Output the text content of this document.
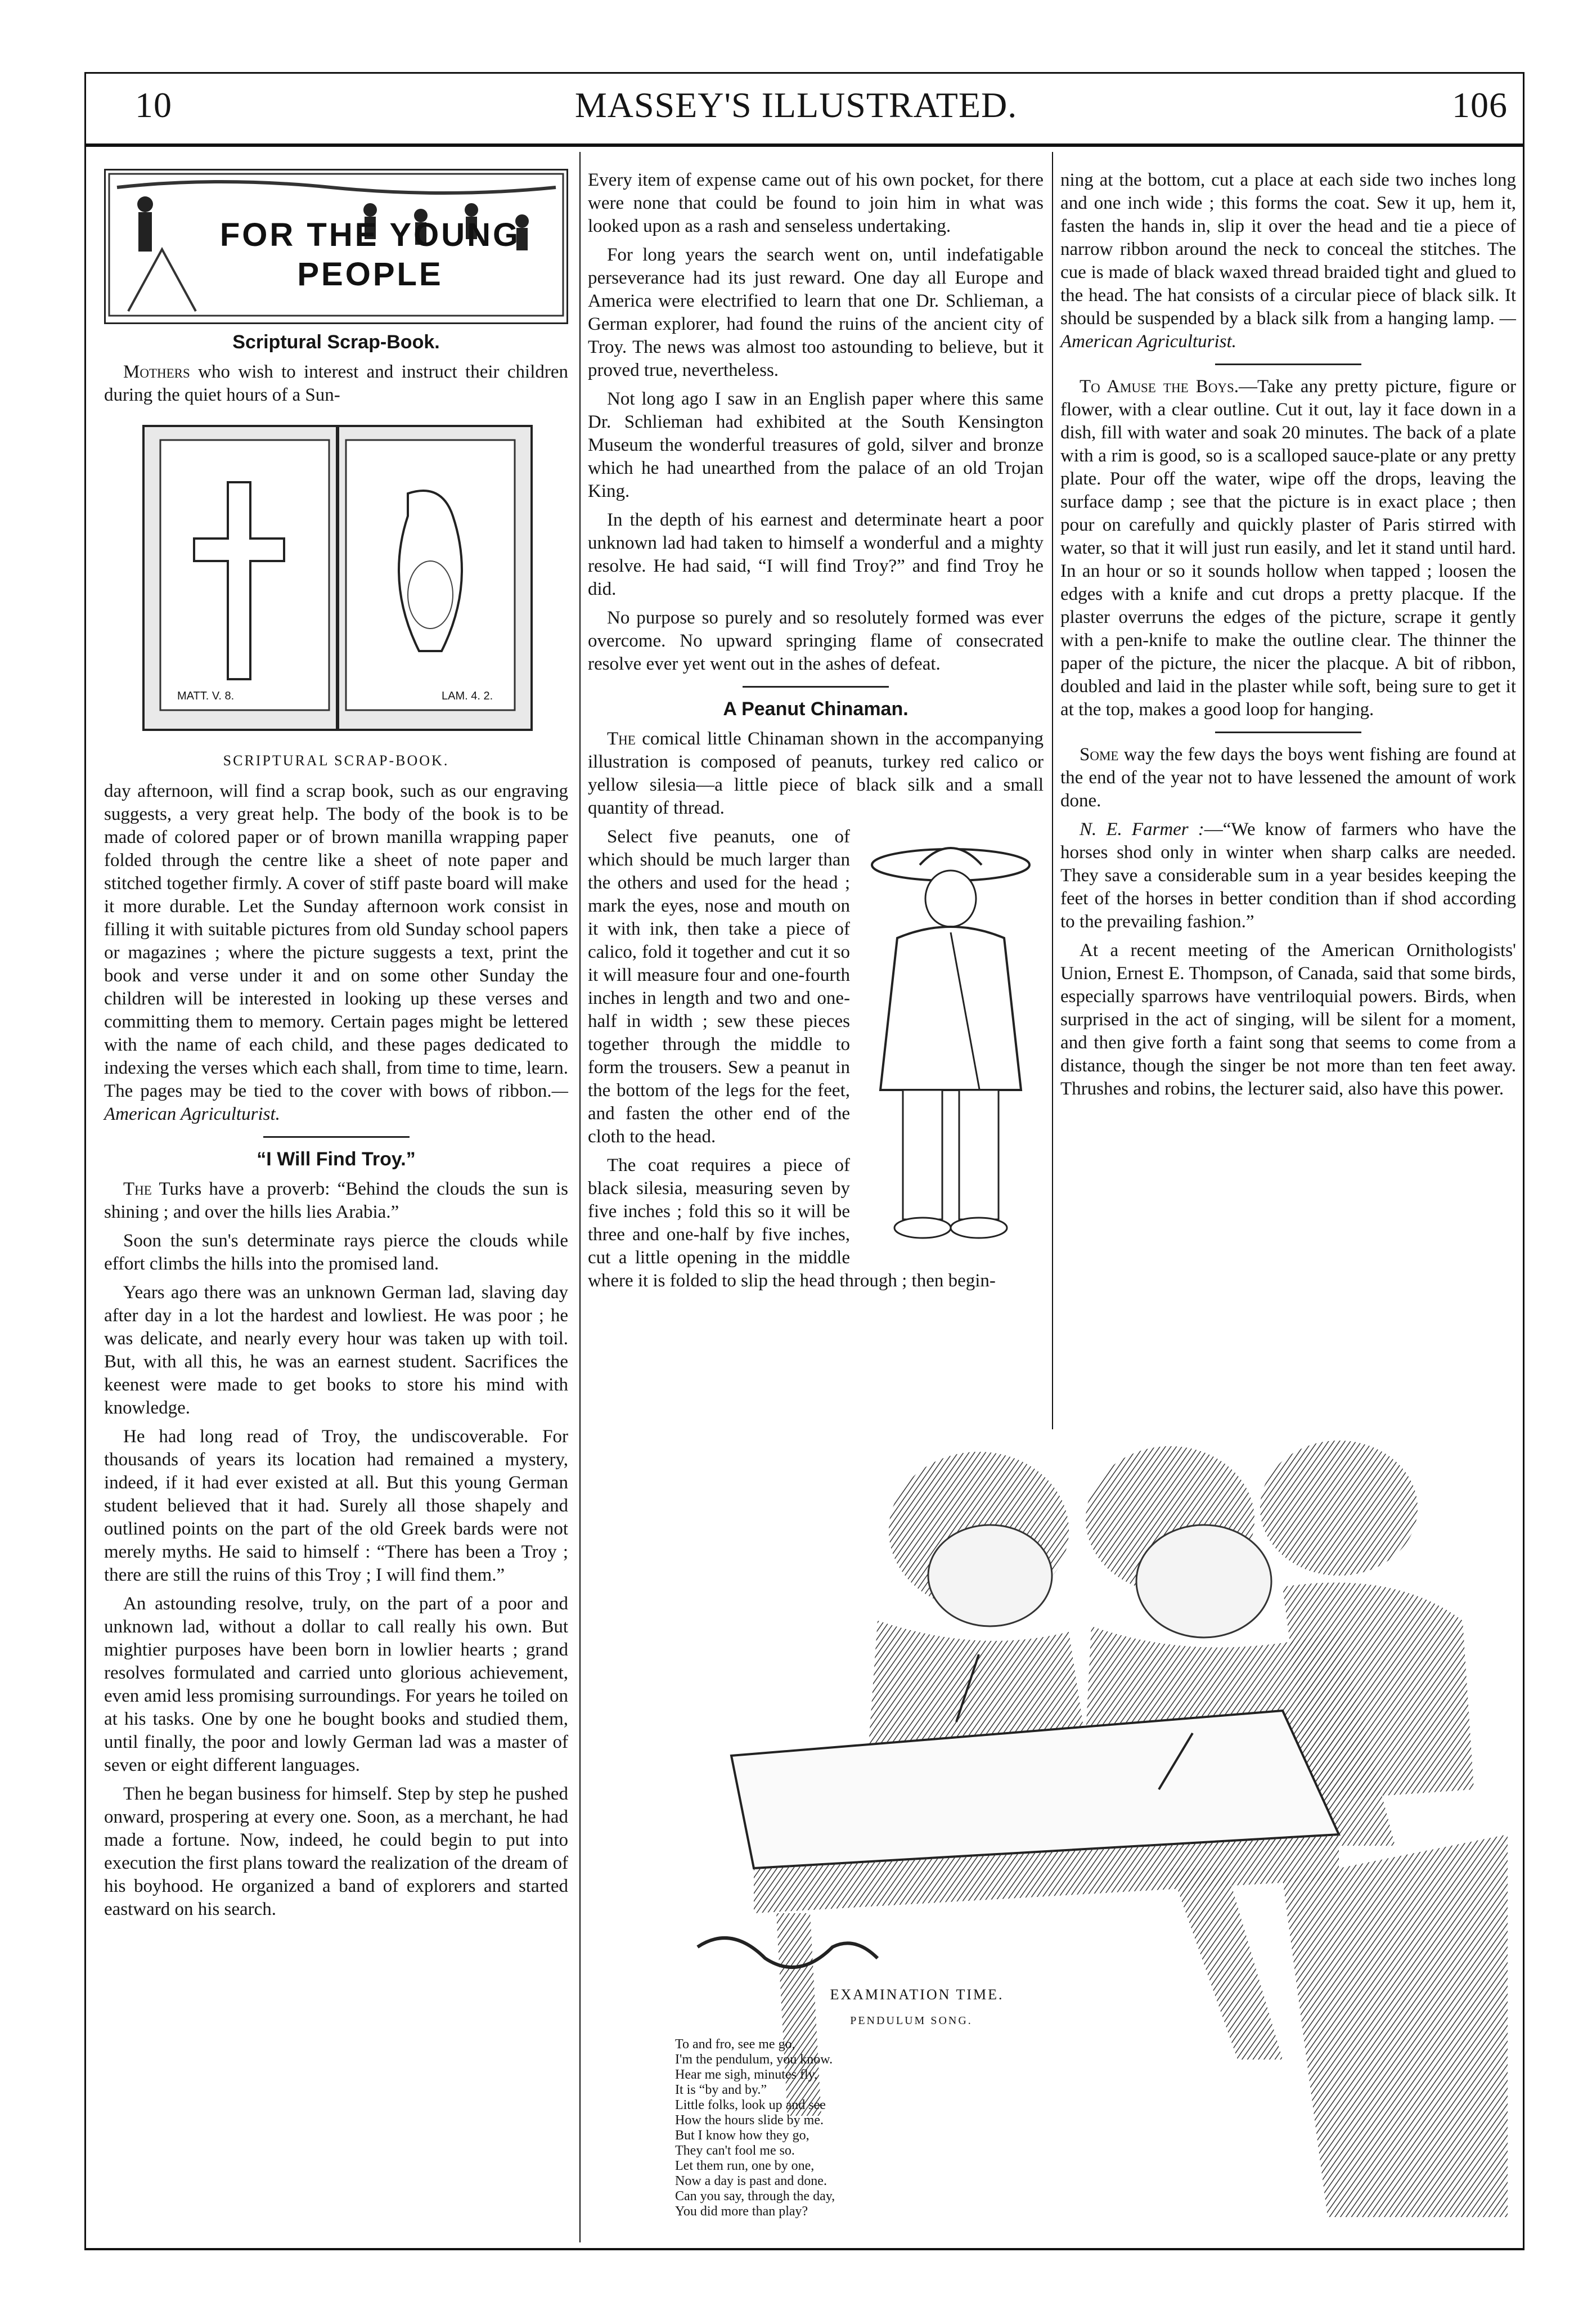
10	MASSEY'S ILLUSTRATED.	106
FOR THE YOUNG PEOPLE
Scriptural Scrap-Book.

Mothers who wish to interest and instruct their children during the quiet hours of a Sun-

MATT. V. 8.	LAM. 4. 2.
SCRIPTURAL SCRAP-BOOK.

day afternoon, will find a scrap book, such as our engraving suggests, a very great help. The body of the book is to be made of colored paper or of brown manilla wrapping paper folded through the centre like a sheet of note paper and stitched together firmly. A cover of stiff paste board will make it more durable. Let the Sunday afternoon work consist in filling it with suitable pictures from old Sunday school papers or magazines ; where the picture suggests a text, print the book and verse under it and on some other Sunday the children will be interested in looking up these verses and committing them to memory. Certain pages might be lettered with the name of each child, and these pages dedicated to indexing the verses which each shall, from time to time, learn. The pages may be tied to the cover with bows of ribbon.—American Agriculturist.

“I Will Find Troy.”

The Turks have a proverb: “Behind the clouds the sun is shining ; and over the hills lies Arabia.”

Soon the sun's determinate rays pierce the clouds while effort climbs the hills into the promised land.

Years ago there was an unknown German lad, slaving day after day in a lot the hardest and lowliest. He was poor ; he was delicate, and nearly every hour was taken up with toil. But, with all this, he was an earnest student. Sacrifices the keenest were made to get books to store his mind with knowledge.

He had long read of Troy, the undiscoverable. For thousands of years its location had remained a mystery, indeed, if it had ever existed at all. But this young German student believed that it had. Surely all those shapely and outlined points on the part of the old Greek bards were not merely myths. He said to himself : “There has been a Troy ; there are still the ruins of this Troy ; I will find them.”

An astounding resolve, truly, on the part of a poor and unknown lad, without a dollar to call really his own. But mightier purposes have been born in lowlier hearts ; grand resolves formulated and carried unto glorious achievement, even amid less promising surroundings. For years he toiled on at his tasks. One by one he bought books and studied them, until finally, the poor and lowly German lad was a master of seven or eight different languages.

Then he began business for himself. Step by step he pushed onward, prospering at every one. Soon, as a merchant, he had made a fortune. Now, indeed, he could begin to put into execution the first plans toward the realization of the dream of his boyhood. He organized a band of explorers and started eastward on his search.

Every item of expense came out of his own pocket, for there were none that could be found to join him in what was looked upon as a rash and senseless undertaking.

For long years the search went on, until indefatigable perseverance had its just reward. One day all Europe and America were electrified to learn that one Dr. Schlieman, a German explorer, had found the ruins of the ancient city of Troy. The news was almost too astounding to believe, but it proved true, nevertheless.

Not long ago I saw in an English paper where this same Dr. Schlieman had exhibited at the South Kensington Museum the wonderful treasures of gold, silver and bronze which he had unearthed from the palace of an old Trojan King.

In the depth of his earnest and determinate heart a poor unknown lad had taken to himself a wonderful and a mighty resolve. He had said, “I will find Troy?” and find Troy he did.

No purpose so purely and so resolutely formed was ever overcome. No upward springing flame of consecrated resolve ever yet went out in the ashes of defeat.

A Peanut Chinaman.

The comical little Chinaman shown in the accompanying illustration is composed of peanuts, turkey red calico or yellow silesia—a little piece of black silk and a small quantity of thread.

Select five peanuts, one of which should be much larger than the others and used for the head ; mark the eyes, nose and mouth on it with ink, then take a piece of calico, fold it together and cut it so it will measure four and one-fourth inches in length and two and one-half in width ; sew these pieces together through the middle to form the trousers. Sew a peanut in the bottom of the legs for the feet, and fasten the other end of the cloth to the head.

The coat requires a piece of black silesia, measuring seven by five inches ; fold this so it will be three and one-half by five inches, cut a little opening in the middle where it is folded to slip the head through ; then begin-

ning at the bottom, cut a place at each side two inches long and one inch wide ; this forms the coat. Sew it up, hem it, fasten the hands in, slip it over the head and tie a piece of narrow ribbon around the neck to conceal the stitches. The cue is made of black waxed thread braided tight and glued to the head. The hat consists of a circular piece of black silk. It should be suspended by a black silk from a hanging lamp. —American Agriculturist.

To Amuse the Boys.—Take any pretty picture, figure or flower, with a clear outline. Cut it out, lay it face down in a dish, fill with water and soak 20 minutes. The back of a plate with a rim is good, so is a scalloped sauce-plate or any pretty plate. Pour off the water, wipe off the drops, leaving the surface damp ; see that the picture is in exact place ; then pour on carefully and quickly plaster of Paris stirred with water, so that it will just run easily, and let it stand until hard. In an hour or so it sounds hollow when tapped ; loosen the edges with a knife and cut drops a pretty placque. If the plaster overruns the edges of the picture, scrape it gently with a pen-knife to make the outline clear. The thinner the paper of the picture, the nicer the placque. A bit of ribbon, doubled and laid in the plaster while soft, being sure to get it at the top, makes a good loop for hanging.

Some way the few days the boys went fishing are found at the end of the year not to have lessened the amount of work done.

N. E. Farmer :—“We know of farmers who have the horses shod only in winter when sharp calks are needed. They save a considerable sum in a year besides keeping the feet of the horses in better condition than if shod according to the prevailing fashion.”

At a recent meeting of the American Ornithologists' Union, Ernest E. Thompson, of Canada, said that some birds, especially sparrows have ventriloquial powers. Birds, when surprised in the act of singing, will be silent for a moment, and then give forth a faint song that seems to come from a distance, though the singer be not more than ten feet away. Thrushes and robins, the lecturer said, also have this power.

EXAMINATION TIME.
PENDULUM SONG.
To and fro, see me go,
I'm the pendulum, you know.
Hear me sigh, minutes fly,
It is “by and by.”
Little folks, look up and see
How the hours slide by me.
But I know how they go,
They can't fool me so.
Let them run, one by one,
Now a day is past and done.
Can you say, through the day,
You did more than play?
